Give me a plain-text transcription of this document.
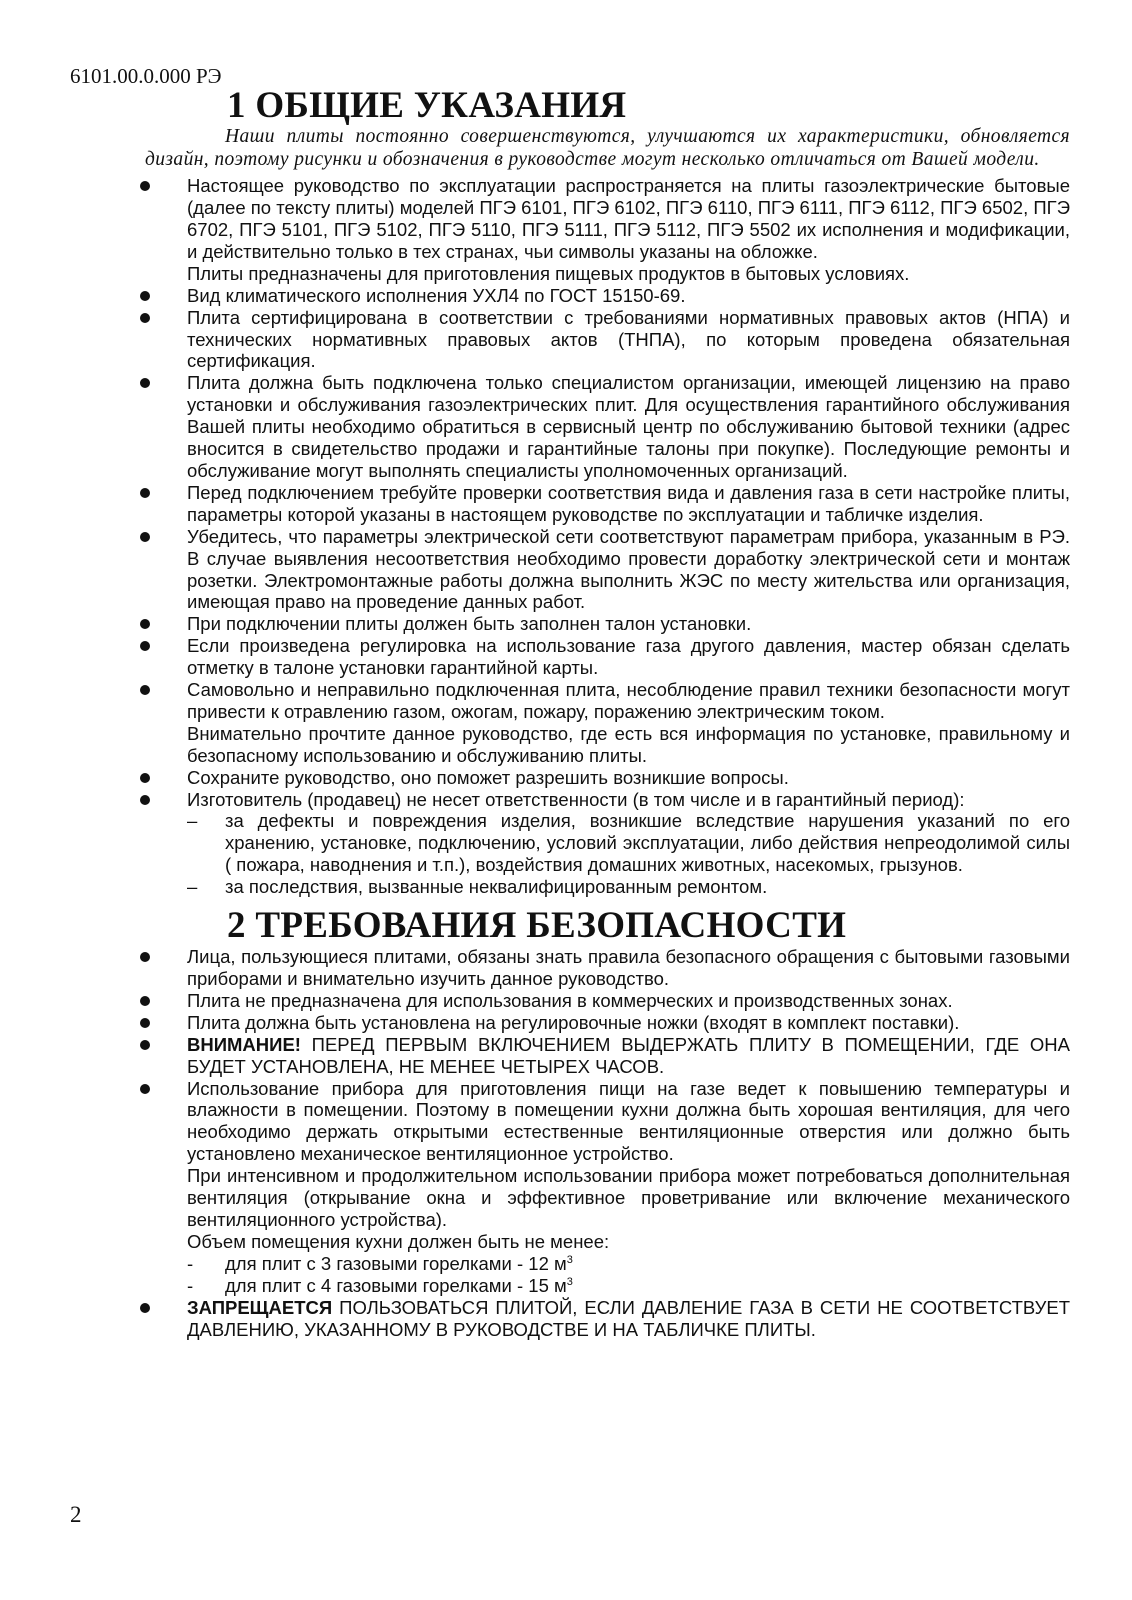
6101.00.0.000 РЭ
1 ОБЩИЕ УКАЗАНИЯ

Наши плиты постоянно совершенствуются, улучшаются их характеристики, обновляется дизайн, поэтому рисунки и обозначения в руководстве могут несколько отличаться от Вашей модели.

Настоящее руководство по эксплуатации распространяется на плиты газоэлектрические бытовые (далее по тексту плиты) моделей ПГЭ 6101, ПГЭ 6102, ПГЭ 6110, ПГЭ 6111, ПГЭ 6112, ПГЭ 6502, ПГЭ 6702, ПГЭ 5101, ПГЭ 5102, ПГЭ 5110, ПГЭ 5111, ПГЭ 5112, ПГЭ 5502 их исполнения и модификации, и действительно только в тех странах, чьи символы указаны на обложке.

Плиты предназначены для приготовления пищевых продуктов в бытовых условиях.

Вид климатического исполнения УХЛ4 по ГОСТ 15150-69.

Плита сертифицирована в соответствии с требованиями нормативных правовых актов (НПА) и технических нормативных правовых актов (ТНПА), по которым проведена обязательная сертификация.

Плита должна быть подключена только специалистом организации, имеющей лицензию на право установки и обслуживания газоэлектрических плит. Для осуществления гарантийного обслуживания Вашей плиты необходимо обратиться в сервисный центр по обслуживанию бытовой техники (адрес вносится в свидетельство продажи и гарантийные талоны при покупке). Последующие ремонты и обслуживание могут выполнять специалисты уполномоченных организаций.

Перед подключением требуйте проверки соответствия вида и давления газа в сети настройке плиты, параметры которой указаны в настоящем руководстве по эксплуатации и табличке изделия.

Убедитесь, что параметры электрической сети соответствуют параметрам прибора, указанным в РЭ. В случае выявления несоответствия необходимо провести доработку электрической сети и монтаж розетки. Электромонтажные работы должна выполнить ЖЭС по месту жительства или организация, имеющая право на проведение данных работ.

При подключении плиты должен быть заполнен талон установки.

Если произведена регулировка на использование газа другого давления, мастер обязан сделать отметку в талоне установки гарантийной карты.

Самовольно и неправильно подключенная плита, несоблюдение правил техники безопасности могут привести к отравлению газом, ожогам, пожару, поражению электрическим током.

Внимательно прочтите данное руководство, где есть вся информация по установке, правильному и безопасному использованию и обслуживанию плиты.

Сохраните руководство, оно поможет разрешить возникшие вопросы.

Изготовитель (продавец) не несет ответственности (в том числе и в гарантийный период):

– за дефекты и повреждения изделия, возникшие вследствие нарушения указаний по его хранению, установке, подключению, условий эксплуатации, либо действия непреодолимой силы ( пожара, наводнения и т.п.), воздействия домашних животных, насекомых, грызунов.
– за последствия, вызванные неквалифицированным ремонтом.
2 ТРЕБОВАНИЯ БЕЗОПАСНОСТИ

Лица, пользующиеся плитами, обязаны знать правила безопасного обращения с бытовыми газовыми приборами и внимательно изучить данное руководство.

Плита не предназначена для использования в коммерческих и производственных зонах.

Плита должна быть установлена на регулировочные ножки (входят в комплект поставки).

ВНИМАНИЕ! ПЕРЕД ПЕРВЫМ ВКЛЮЧЕНИЕМ ВЫДЕРЖАТЬ ПЛИТУ В ПОМЕЩЕНИИ, ГДЕ ОНА БУДЕТ УСТАНОВЛЕНА, НЕ МЕНЕЕ ЧЕТЫРЕХ ЧАСОВ.

Использование прибора для приготовления пищи на газе ведет к повышению температуры и влажности в помещении. Поэтому в помещении кухни должна быть хорошая вентиляция, для чего необходимо держать открытыми естественные вентиляционные отверстия или должно быть установлено механическое вентиляционное устройство.

При интенсивном и продолжительном использовании прибора может потребоваться дополнительная вентиляция (открывание окна и эффективное проветривание или включение механического вентиляционного устройства).

Объем помещения кухни должен быть не менее:

- для плит с 3 газовыми горелками - 12 $м^3$
- для плит с 4 газовыми горелками - 15 $м^3$

ЗАПРЕЩАЕТСЯ ПОЛЬЗОВАТЬСЯ ПЛИТОЙ, ЕСЛИ ДАВЛЕНИЕ ГАЗА В СЕТИ НЕ СООТВЕТСТВУЕТ ДАВЛЕНИЮ, УКАЗАННОМУ В РУКОВОДСТВЕ И НА ТАБЛИЧКЕ ПЛИТЫ.

2
